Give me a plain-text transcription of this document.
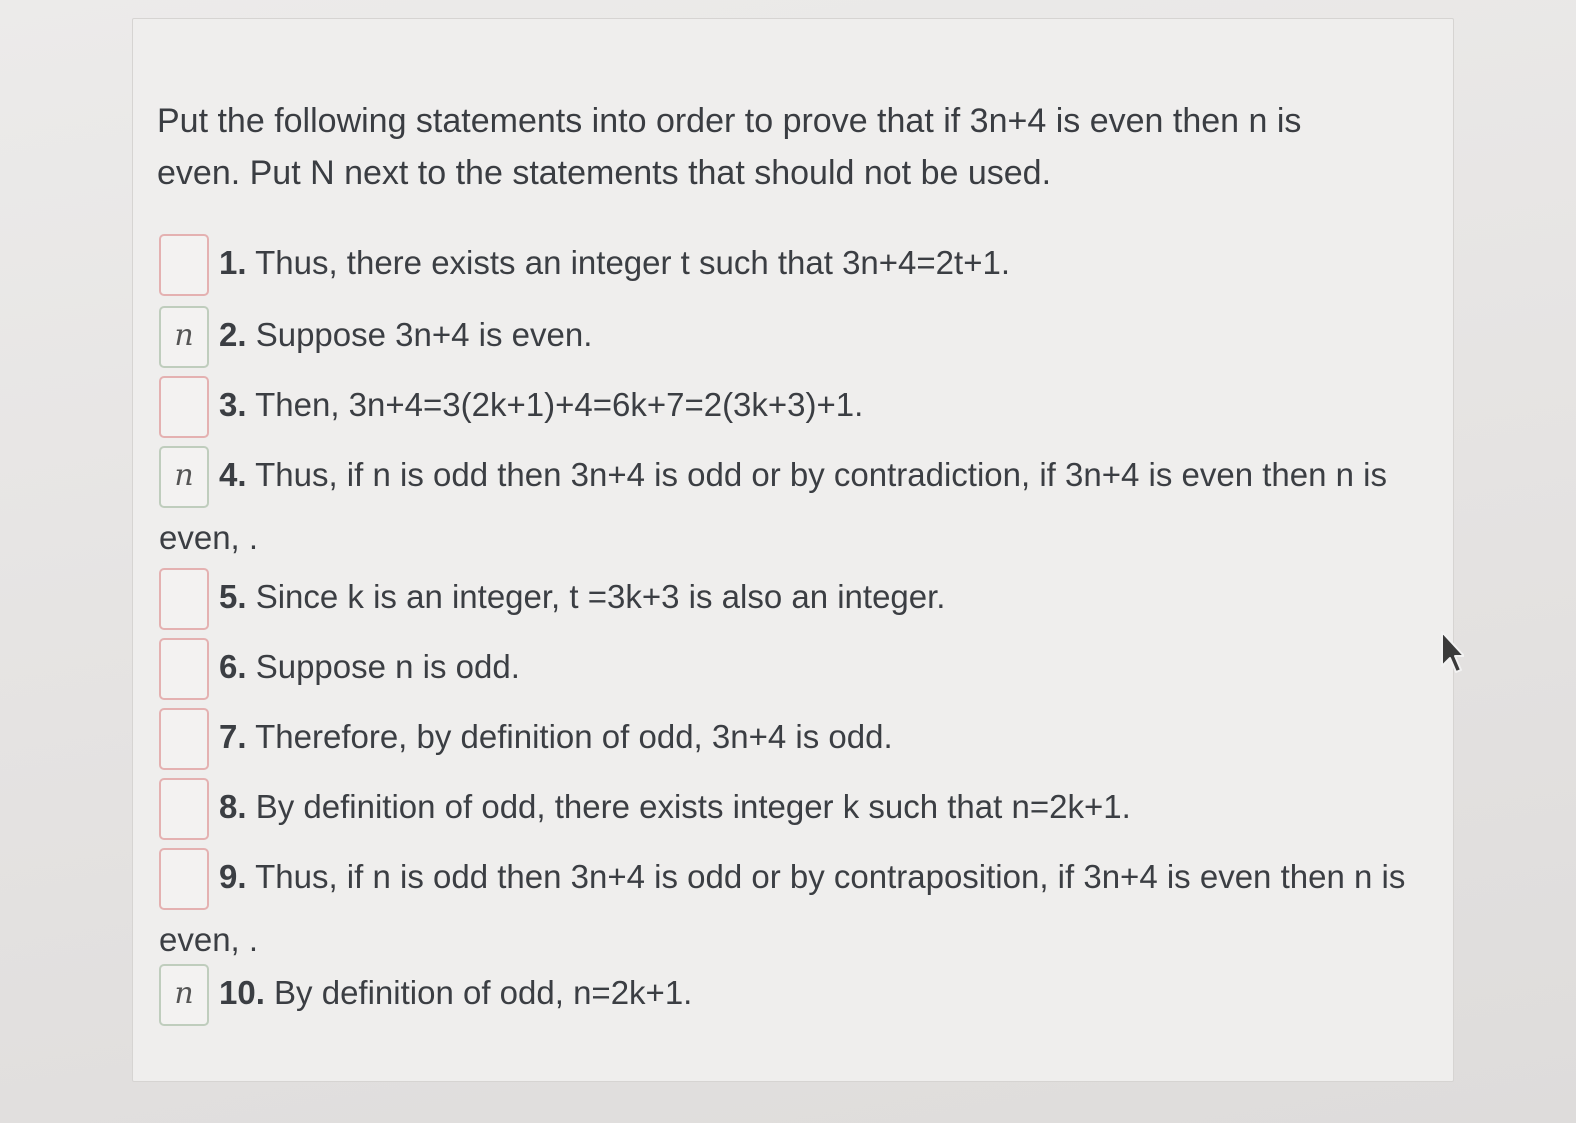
Put the following statements into order to prove that if 3n+4 is even then n is even. Put N next to the statements that should not be used.
1. Thus, there exists an integer t such that 3n+4=2t+1.
n 2. Suppose 3n+4 is even.
3. Then, 3n+4=3(2k+1)+4=6k+7=2(3k+3)+1.
n 4. Thus, if n is odd then 3n+4 is odd or by contradiction, if 3n+4 is even then n is even, .
5. Since k is an integer, t =3k+3 is also an integer.
6. Suppose n is odd.
7. Therefore, by definition of odd, 3n+4 is odd.
8. By definition of odd, there exists integer k such that n=2k+1.
9. Thus, if n is odd then 3n+4 is odd or by contraposition, if 3n+4 is even then n is even, .
n 10. By definition of odd, n=2k+1.
